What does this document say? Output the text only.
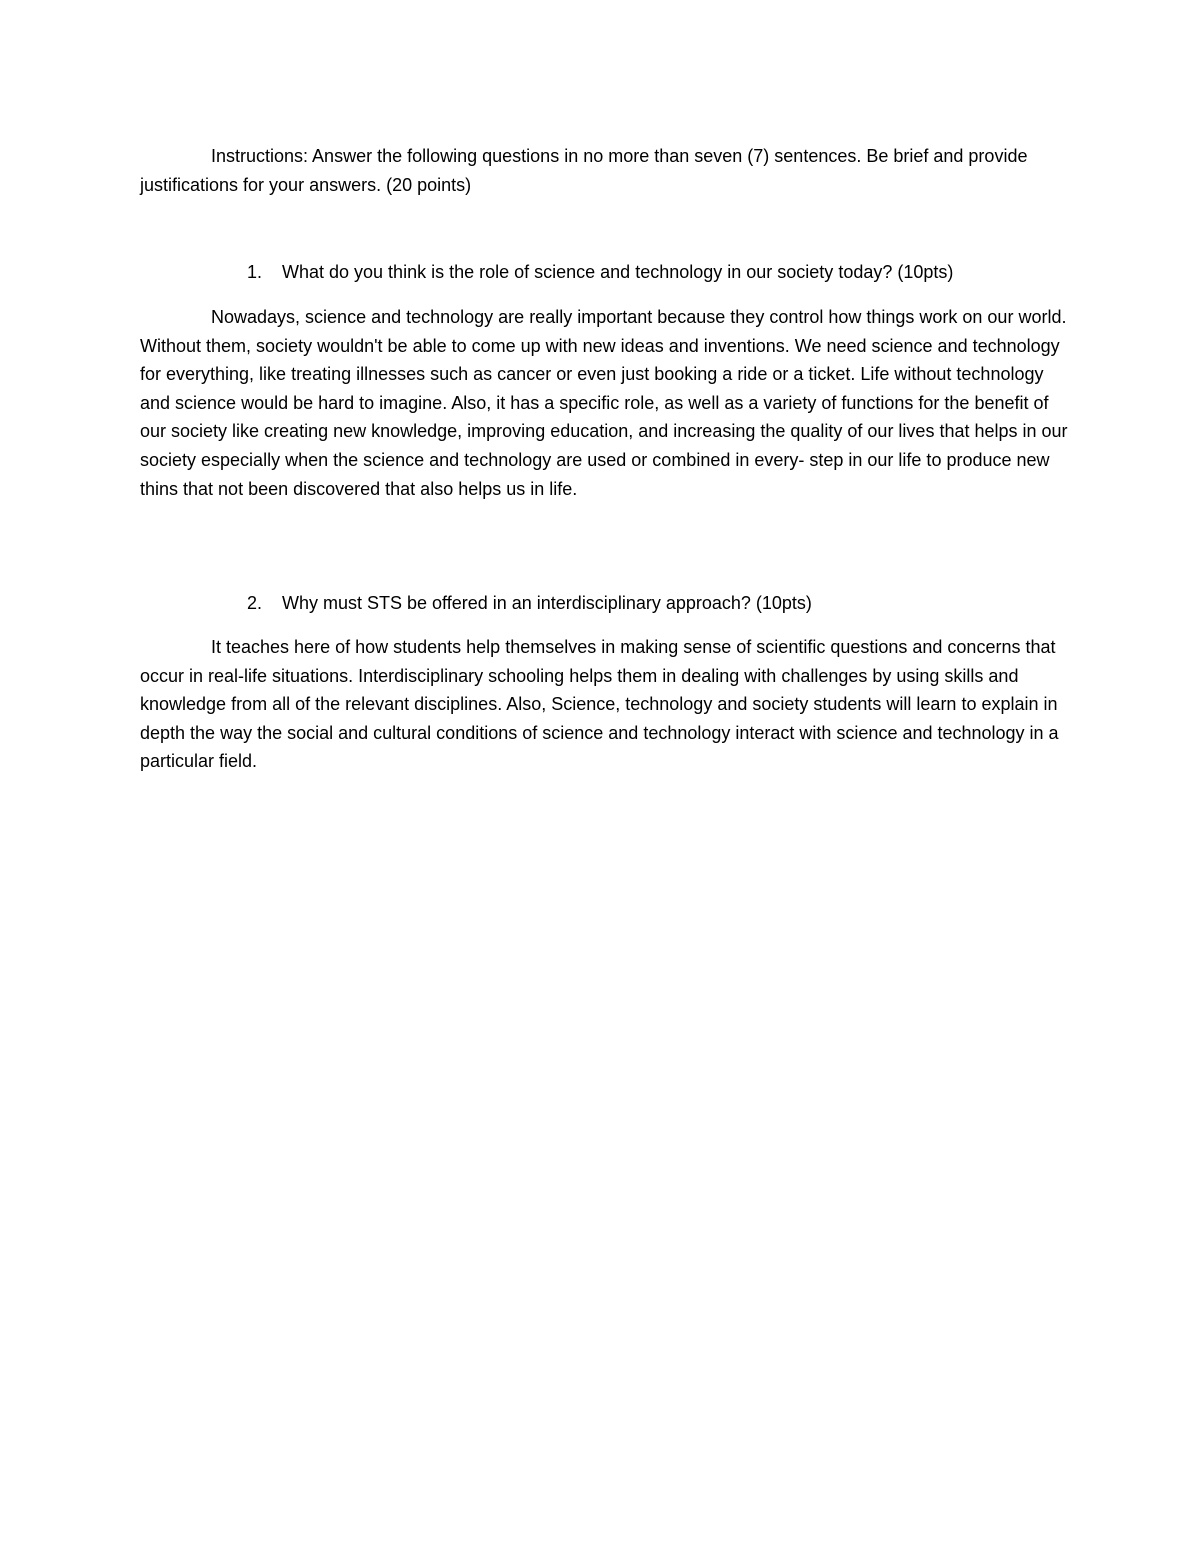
Instructions: Answer the following questions in no more than seven (7) sentences. Be brief and provide justifications for your answers. (20 points)

1. What do you think is the role of science and technology in our society today? (10pts)

Nowadays, science and technology are really important because they control how things work on our world. Without them, society wouldn't be able to come up with new ideas and inventions. We need science and technology for everything, like treating illnesses such as cancer or even just booking a ride or a ticket. Life without technology and science would be hard to imagine. Also, it has a specific role, as well as a variety of functions for the benefit of our society like creating new knowledge, improving education, and increasing the quality of our lives that helps in our society especially when the science and technology are used or combined in every- step in our life to produce new thins that not been discovered that also helps us in life.

2. Why must STS be offered in an interdisciplinary approach? (10pts)

It teaches here of how students help themselves in making sense of scientific questions and concerns that occur in real-life situations. Interdisciplinary schooling helps them in dealing with challenges by using skills and knowledge from all of the relevant disciplines. Also, Science, technology and society students will learn to explain in depth the way the social and cultural conditions of science and technology interact with science and technology in a particular field.
